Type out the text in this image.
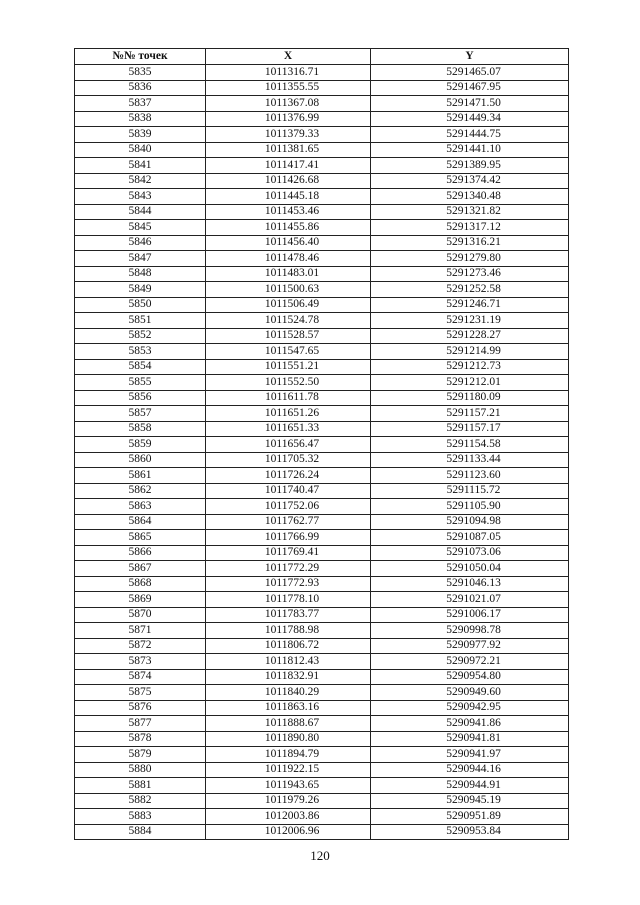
№№ точек	X	Y
5835	1011316.71	5291465.07
5836	1011355.55	5291467.95
5837	1011367.08	5291471.50
5838	1011376.99	5291449.34
5839	1011379.33	5291444.75
5840	1011381.65	5291441.10
5841	1011417.41	5291389.95
5842	1011426.68	5291374.42
5843	1011445.18	5291340.48
5844	1011453.46	5291321.82
5845	1011455.86	5291317.12
5846	1011456.40	5291316.21
5847	1011478.46	5291279.80
5848	1011483.01	5291273.46
5849	1011500.63	5291252.58
5850	1011506.49	5291246.71
5851	1011524.78	5291231.19
5852	1011528.57	5291228.27
5853	1011547.65	5291214.99
5854	1011551.21	5291212.73
5855	1011552.50	5291212.01
5856	1011611.78	5291180.09
5857	1011651.26	5291157.21
5858	1011651.33	5291157.17
5859	1011656.47	5291154.58
5860	1011705.32	5291133.44
5861	1011726.24	5291123.60
5862	1011740.47	5291115.72
5863	1011752.06	5291105.90
5864	1011762.77	5291094.98
5865	1011766.99	5291087.05
5866	1011769.41	5291073.06
5867	1011772.29	5291050.04
5868	1011772.93	5291046.13
5869	1011778.10	5291021.07
5870	1011783.77	5291006.17
5871	1011788.98	5290998.78
5872	1011806.72	5290977.92
5873	1011812.43	5290972.21
5874	1011832.91	5290954.80
5875	1011840.29	5290949.60
5876	1011863.16	5290942.95
5877	1011888.67	5290941.86
5878	1011890.80	5290941.81
5879	1011894.79	5290941.97
5880	1011922.15	5290944.16
5881	1011943.65	5290944.91
5882	1011979.26	5290945.19
5883	1012003.86	5290951.89
5884	1012006.96	5290953.84
120
